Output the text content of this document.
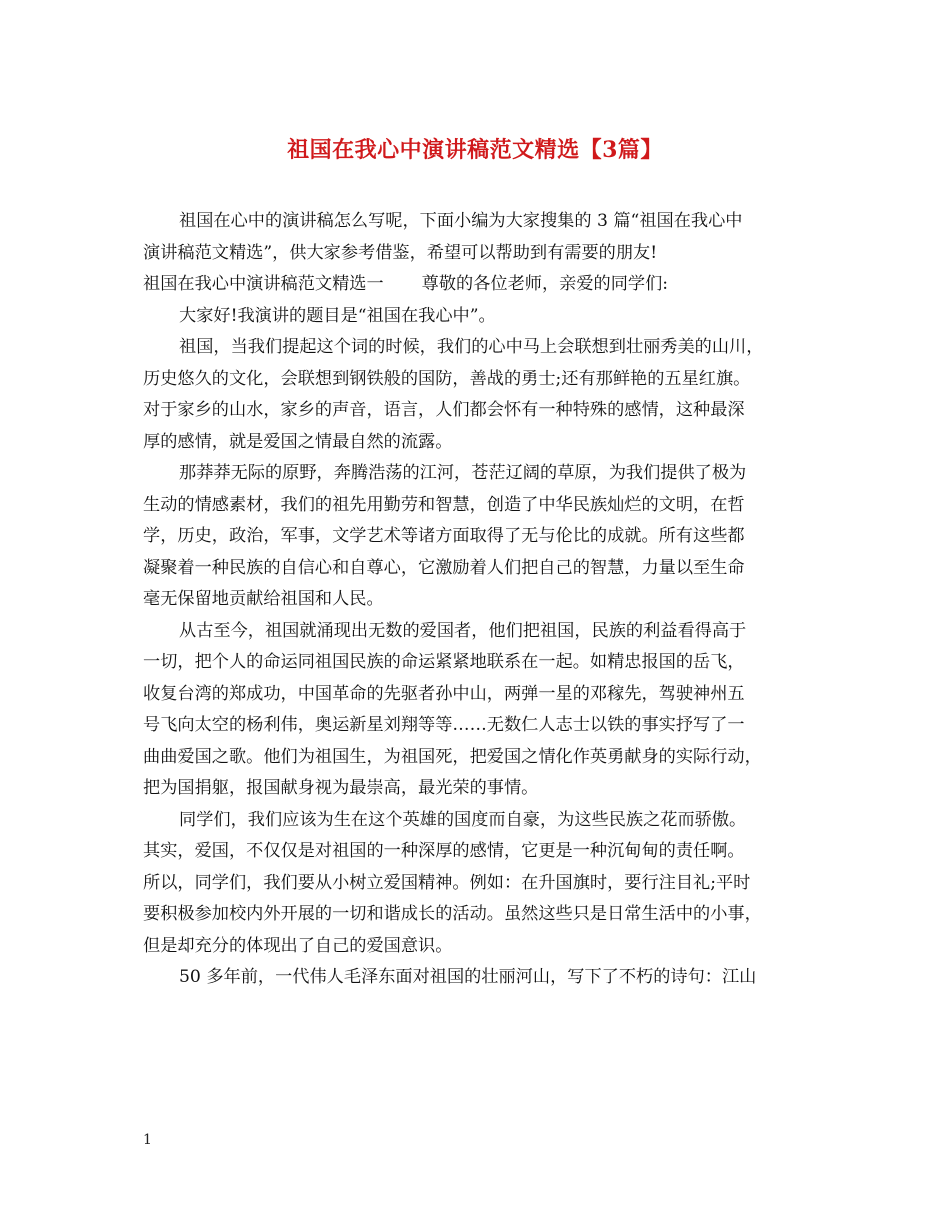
祖国在我心中演讲稿范文精选【3篇】
祖国在心中的演讲稿怎么写呢，下面小编为大家搜集的 3 篇“祖国在我心中
演讲稿范文精选”，供大家参考借鉴，希望可以帮助到有需要的朋友!
祖国在我心中演讲稿范文精选一 尊敬的各位老师，亲爱的同学们:
大家好!我演讲的题目是“祖国在我心中”。
祖国，当我们提起这个词的时候，我们的心中马上会联想到壮丽秀美的山川，
历史悠久的文化，会联想到钢铁般的国防，善战的勇士;还有那鲜艳的五星红旗。
对于家乡的山水，家乡的声音，语言，人们都会怀有一种特殊的感情，这种最深
厚的感情，就是爱国之情最自然的流露。
那莽莽无际的原野，奔腾浩荡的江河，苍茫辽阔的草原，为我们提供了极为
生动的情感素材，我们的祖先用勤劳和智慧，创造了中华民族灿烂的文明，在哲
学，历史，政治，军事，文学艺术等诸方面取得了无与伦比的成就。所有这些都
凝聚着一种民族的自信心和自尊心，它激励着人们把自己的智慧，力量以至生命
毫无保留地贡献给祖国和人民。
从古至今，祖国就涌现出无数的爱国者，他们把祖国，民族的利益看得高于
一切，把个人的命运同祖国民族的命运紧紧地联系在一起。如精忠报国的岳飞，
收复台湾的郑成功，中国革命的先驱者孙中山，两弹一星的邓稼先，驾驶神州五
号飞向太空的杨利伟，奥运新星刘翔等等……无数仁人志士以铁的事实抒写了一
曲曲爱国之歌。他们为祖国生，为祖国死，把爱国之情化作英勇献身的实际行动，
把为国捐躯，报国献身视为最崇高，最光荣的事情。
同学们，我们应该为生在这个英雄的国度而自豪，为这些民族之花而骄傲。
其实，爱国，不仅仅是对祖国的一种深厚的感情，它更是一种沉甸甸的责任啊。
所以，同学们，我们要从小树立爱国精神。例如：在升国旗时，要行注目礼;平时
要积极参加校内外开展的一切和谐成长的活动。虽然这些只是日常生活中的小事，
但是却充分的体现出了自己的爱国意识。
50 多年前，一代伟人毛泽东面对祖国的壮丽河山，写下了不朽的诗句：江山
1
